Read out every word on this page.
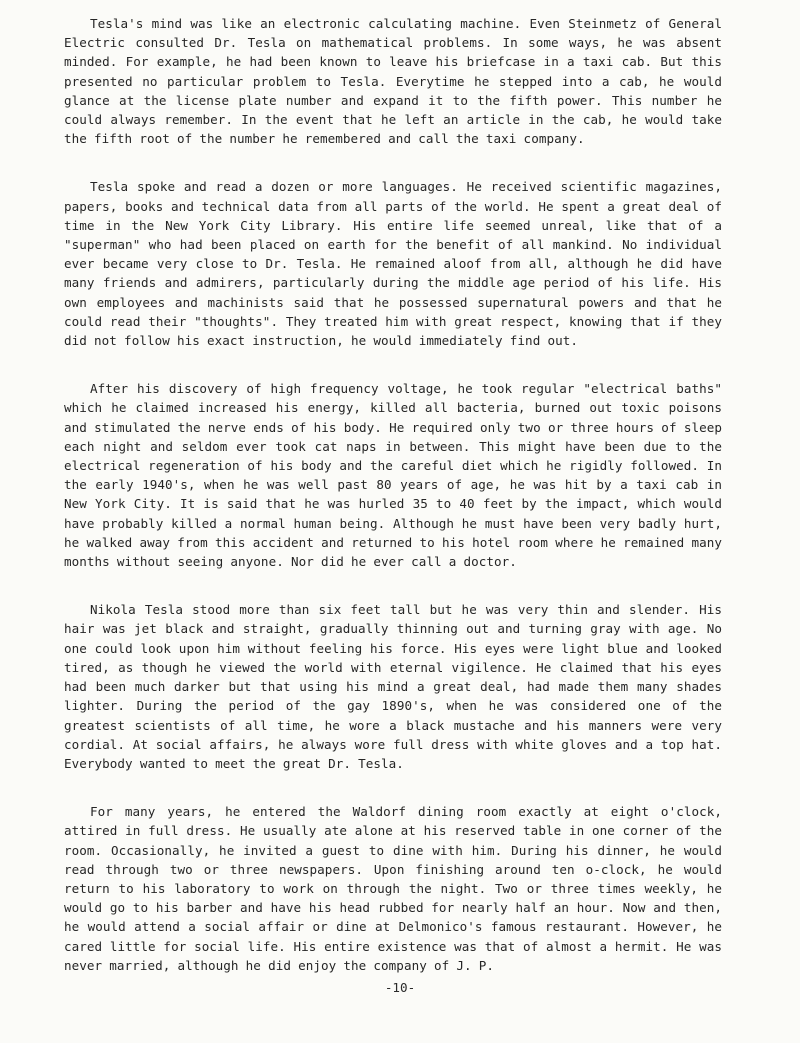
Tesla's mind was like an electronic calculating machine. Even Steinmetz of General Electric consulted Dr. Tesla on mathematical problems. In some ways, he was absent minded. For example, he had been known to leave his briefcase in a taxi cab. But this presented no particular problem to Tesla. Everytime he stepped into a cab, he would glance at the license plate number and expand it to the fifth power. This number he could always remember. In the event that he left an article in the cab, he would take the fifth root of the number he remembered and call the taxi company.

Tesla spoke and read a dozen or more languages. He received scientific magazines, papers, books and technical data from all parts of the world. He spent a great deal of time in the New York City Library. His entire life seemed unreal, like that of a "superman" who had been placed on earth for the benefit of all mankind. No individual ever became very close to Dr. Tesla. He remained aloof from all, although he did have many friends and admirers, particularly during the middle age period of his life. His own employees and machinists said that he possessed supernatural powers and that he could read their "thoughts". They treated him with great respect, knowing that if they did not follow his exact instruction, he would immediately find out.

After his discovery of high frequency voltage, he took regular "electrical baths" which he claimed increased his energy, killed all bacteria, burned out toxic poisons and stimulated the nerve ends of his body. He required only two or three hours of sleep each night and seldom ever took cat naps in between. This might have been due to the electrical regeneration of his body and the careful diet which he rigidly followed. In the early 1940's, when he was well past 80 years of age, he was hit by a taxi cab in New York City. It is said that he was hurled 35 to 40 feet by the impact, which would have probably killed a normal human being. Although he must have been very badly hurt, he walked away from this accident and returned to his hotel room where he remained many months without seeing anyone. Nor did he ever call a doctor.

Nikola Tesla stood more than six feet tall but he was very thin and slender. His hair was jet black and straight, gradually thinning out and turning gray with age. No one could look upon him without feeling his force. His eyes were light blue and looked tired, as though he viewed the world with eternal vigilence. He claimed that his eyes had been much darker but that using his mind a great deal, had made them many shades lighter. During the period of the gay 1890's, when he was considered one of the greatest scientists of all time, he wore a black mustache and his manners were very cordial. At social affairs, he always wore full dress with white gloves and a top hat. Everybody wanted to meet the great Dr. Tesla.

For many years, he entered the Waldorf dining room exactly at eight o'clock, attired in full dress. He usually ate alone at his reserved table in one corner of the room. Occasionally, he invited a guest to dine with him. During his dinner, he would read through two or three newspapers. Upon finishing around ten o-clock, he would return to his laboratory to work on through the night. Two or three times weekly, he would go to his barber and have his head rubbed for nearly half an hour. Now and then, he would attend a social affair or dine at Delmonico's famous restaurant. However, he cared little for social life. His entire existence was that of almost a hermit. He was never married, although he did enjoy the company of J. P.

-10-
